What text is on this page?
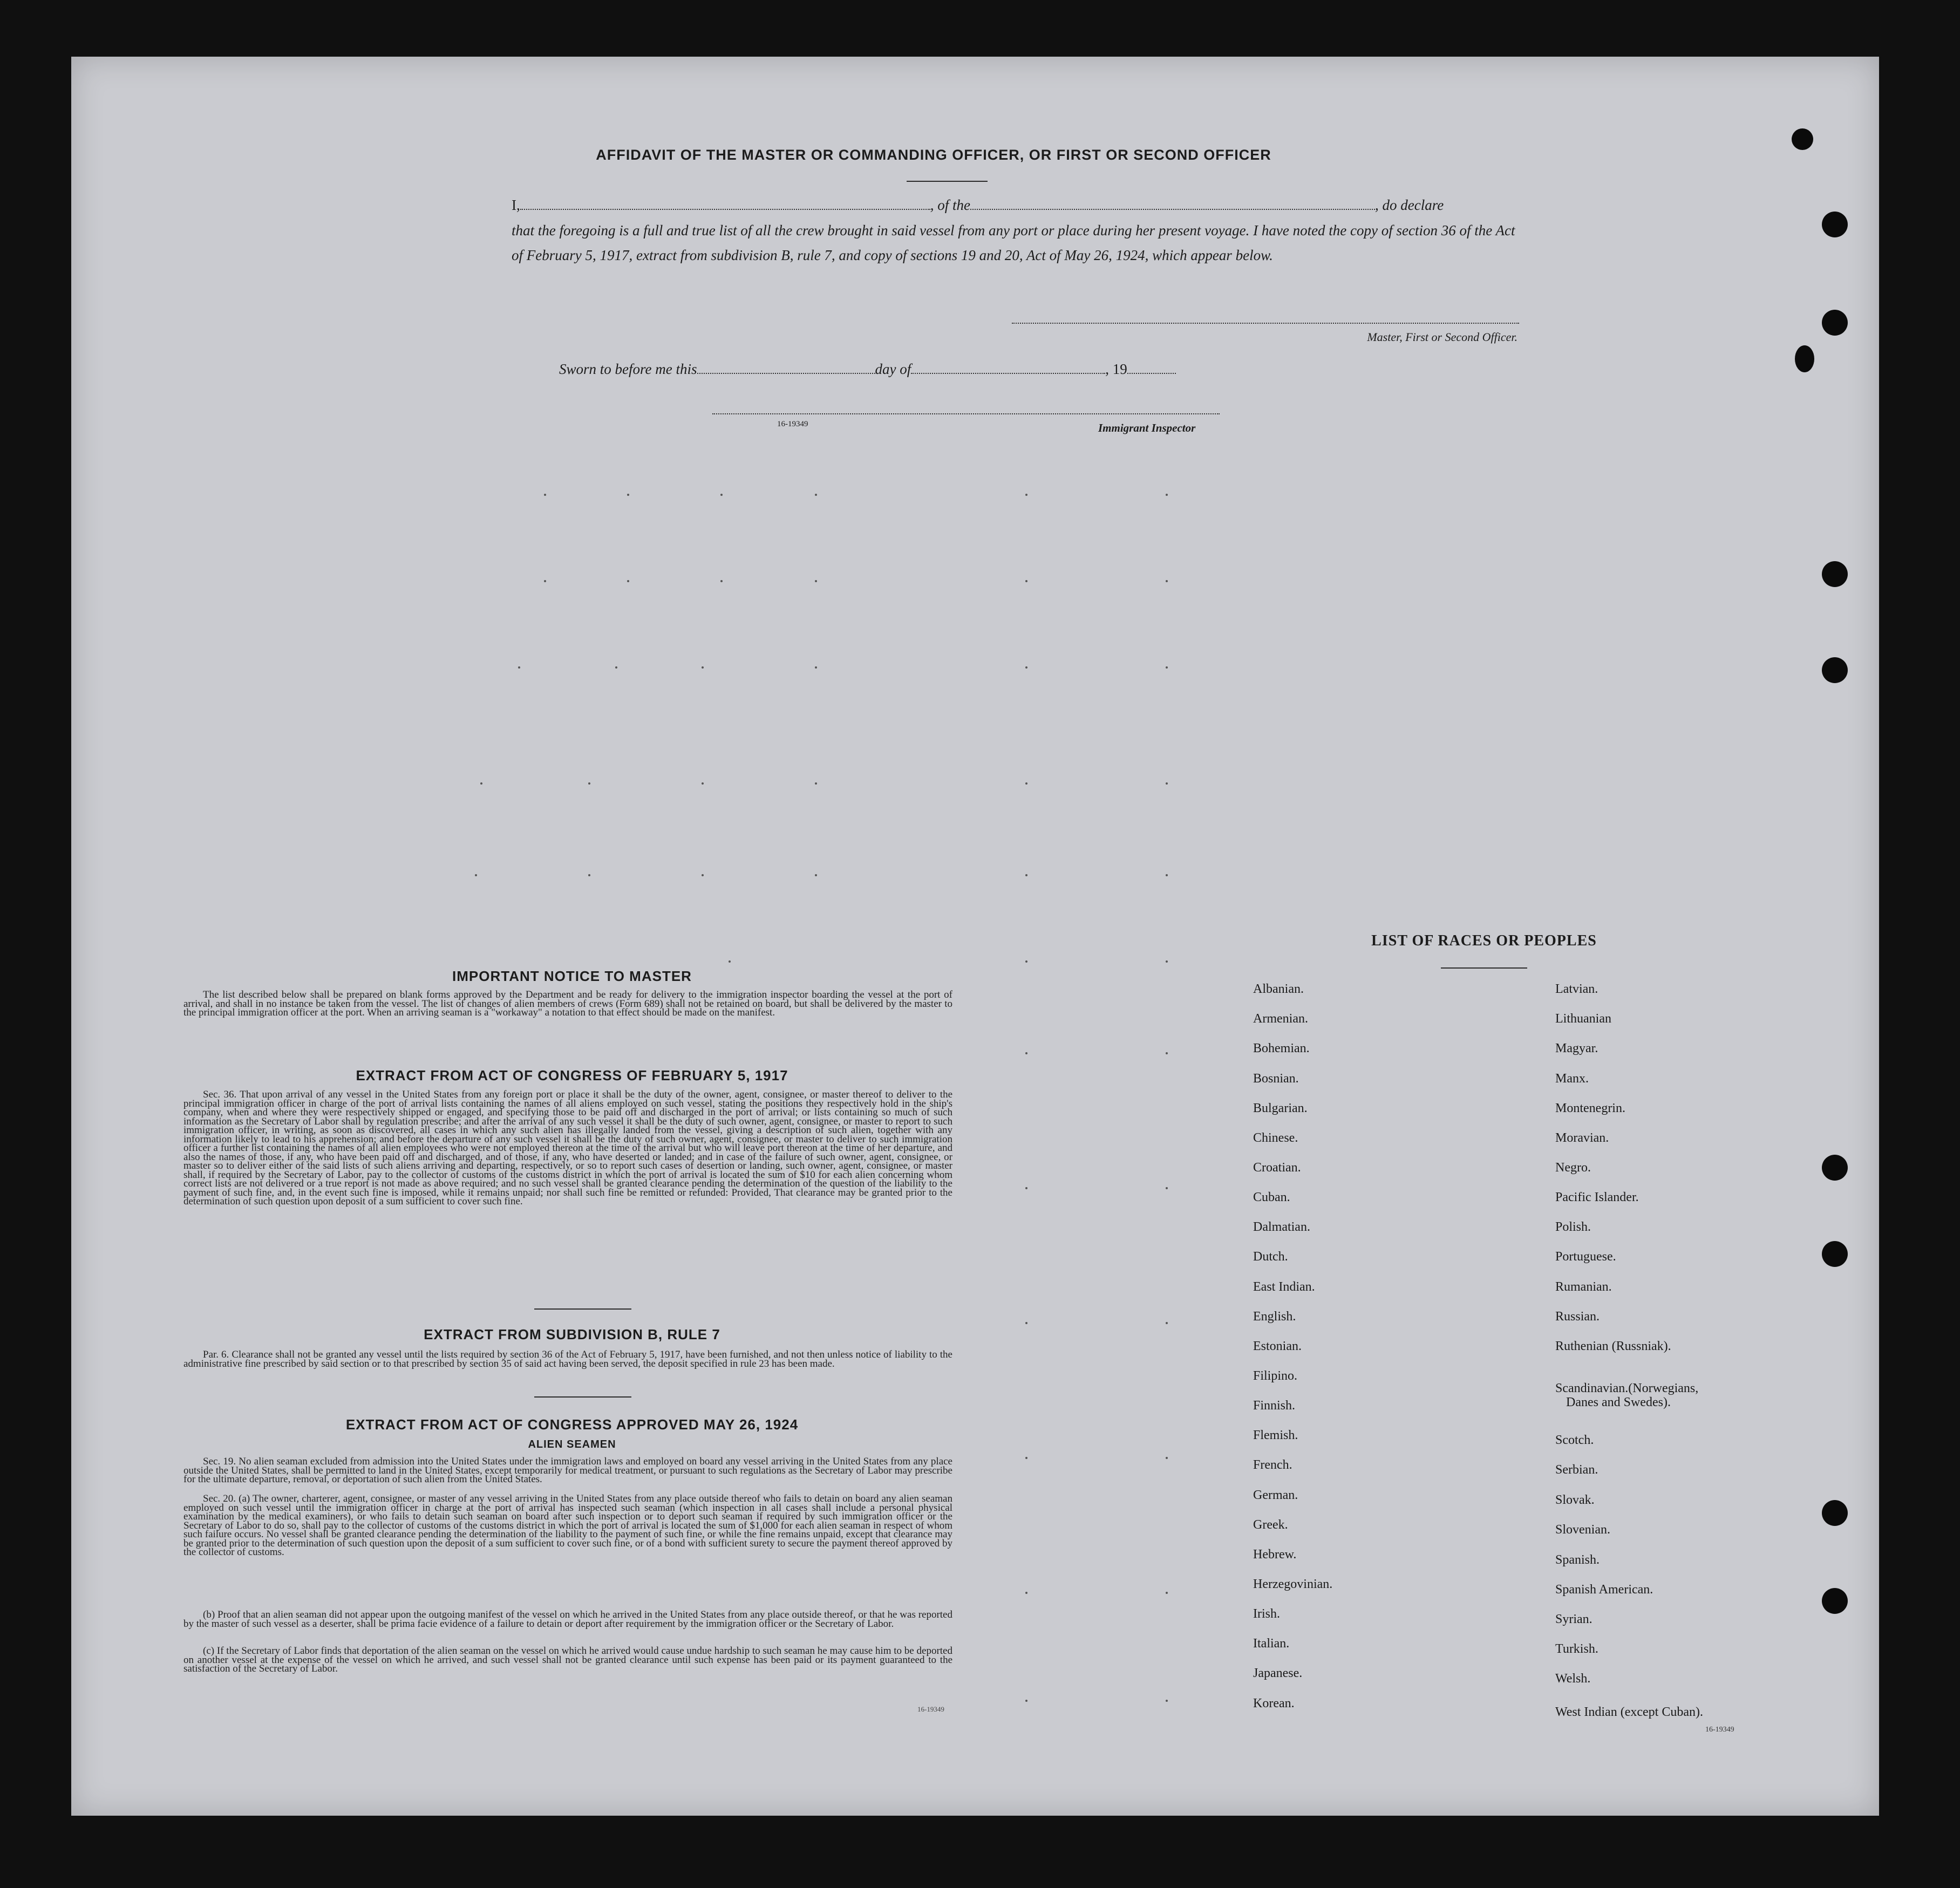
AFFIDAVIT OF THE MASTER OR COMMANDING OFFICER, OR FIRST OR SECOND OFFICER
I,	, of the	, do declare
that the foregoing is a full and true list of all the crew brought in said vessel from any port or place during her present voyage. I have noted the copy of section 36 of the Act of February 5, 1917, extract from subdivision B, rule 7, and copy of sections 19 and 20, Act of May 26, 1924, which appear below.
Master, First or Second Officer.
Sworn to before me this	day of	, 19
16-19349	Immigrant Inspector
IMPORTANT NOTICE TO MASTER

The list described below shall be prepared on blank forms approved by the Department and be ready for delivery to the immigration inspector boarding the vessel at the port of arrival, and shall in no instance be taken from the vessel. The list of changes of alien members of crews (Form 689) shall not be retained on board, but shall be delivered by the master to the principal immigration officer at the port. When an arriving seaman is a "workaway" a notation to that effect should be made on the manifest.

EXTRACT FROM ACT OF CONGRESS OF FEBRUARY 5, 1917

Sec. 36. That upon arrival of any vessel in the United States from any foreign port or place it shall be the duty of the owner, agent, consignee, or master thereof to deliver to the principal immigration officer in charge of the port of arrival lists containing the names of all aliens employed on such vessel, stating the positions they respectively hold in the ship's company, when and where they were respectively shipped or engaged, and specifying those to be paid off and discharged in the port of arrival; or lists containing so much of such information as the Secretary of Labor shall by regulation prescribe; and after the arrival of any such vessel it shall be the duty of such owner, agent, consignee, or master to report to such immigration officer, in writing, as soon as discovered, all cases in which any such alien has illegally landed from the vessel, giving a description of such alien, together with any information likely to lead to his apprehension; and before the departure of any such vessel it shall be the duty of such owner, agent, consignee, or master to deliver to such immigration officer a further list containing the names of all alien employees who were not employed thereon at the time of the arrival but who will leave port thereon at the time of her departure, and also the names of those, if any, who have been paid off and discharged, and of those, if any, who have deserted or landed; and in case of the failure of such owner, agent, consignee, or master so to deliver either of the said lists of such aliens arriving and departing, respectively, or so to report such cases of desertion or landing, such owner, agent, consignee, or master shall, if required by the Secretary of Labor, pay to the collector of customs of the customs district in which the port of arrival is located the sum of $10 for each alien concerning whom correct lists are not delivered or a true report is not made as above required; and no such vessel shall be granted clearance pending the determination of the question of the liability to the payment of such fine, and, in the event such fine is imposed, while it remains unpaid; nor shall such fine be remitted or refunded: Provided, That clearance may be granted prior to the determination of such question upon deposit of a sum sufficient to cover such fine.

EXTRACT FROM SUBDIVISION B, RULE 7

Par. 6. Clearance shall not be granted any vessel until the lists required by section 36 of the Act of February 5, 1917, have been furnished, and not then unless notice of liability to the administrative fine prescribed by said section or to that prescribed by section 35 of said act having been served, the deposit specified in rule 23 has been made.

EXTRACT FROM ACT OF CONGRESS APPROVED MAY 26, 1924
ALIEN SEAMEN

Sec. 19. No alien seaman excluded from admission into the United States under the immigration laws and employed on board any vessel arriving in the United States from any place outside the United States, shall be permitted to land in the United States, except temporarily for medical treatment, or pursuant to such regulations as the Secretary of Labor may prescribe for the ultimate departure, removal, or deportation of such alien from the United States.

Sec. 20. (a) The owner, charterer, agent, consignee, or master of any vessel arriving in the United States from any place outside thereof who fails to detain on board any alien seaman employed on such vessel until the immigration officer in charge at the port of arrival has inspected such seaman (which inspection in all cases shall include a personal physical examination by the medical examiners), or who fails to detain such seaman on board after such inspection or to deport such seaman if required by such immigration officer or the Secretary of Labor to do so, shall pay to the collector of customs of the customs district in which the port of arrival is located the sum of $1,000 for each alien seaman in respect of whom such failure occurs. No vessel shall be granted clearance pending the determination of the liability to the payment of such fine, or while the fine remains unpaid, except that clearance may be granted prior to the determination of such question upon the deposit of a sum sufficient to cover such fine, or of a bond with sufficient surety to secure the payment thereof approved by the collector of customs.

(b) Proof that an alien seaman did not appear upon the outgoing manifest of the vessel on which he arrived in the United States from any place outside thereof, or that he was reported by the master of such vessel as a deserter, shall be prima facie evidence of a failure to detain or deport after requirement by the immigration officer or the Secretary of Labor.

(c) If the Secretary of Labor finds that deportation of the alien seaman on the vessel on which he arrived would cause undue hardship to such seaman he may cause him to be deported on another vessel at the expense of the vessel on which he arrived, and such vessel shall not be granted clearance until such expense has been paid or its payment guaranteed to the satisfaction of the Secretary of Labor.

16-19349
LIST OF RACES OR PEOPLES
Albanian.
Armenian.
Bohemian.
Bosnian.
Bulgarian.
Chinese.
Croatian.
Cuban.
Dalmatian.
Dutch.
East Indian.
English.
Estonian.
Filipino.
Finnish.
Flemish.
French.
German.
Greek.
Hebrew.
Herzegovinian.
Irish.
Italian.
Japanese.
Korean.
Latvian.
Lithuanian
Magyar.
Manx.
Montenegrin.
Moravian.
Negro.
Pacific Islander.
Polish.
Portuguese.
Rumanian.
Russian.
Ruthenian (Russniak).
Scandinavian.(Norwegians,
Danes and Swedes).
Scotch.
Serbian.
Slovak.
Slovenian.
Spanish.
Spanish American.
Syrian.
Turkish.
Welsh.
West Indian (except Cuban).
16-19349
